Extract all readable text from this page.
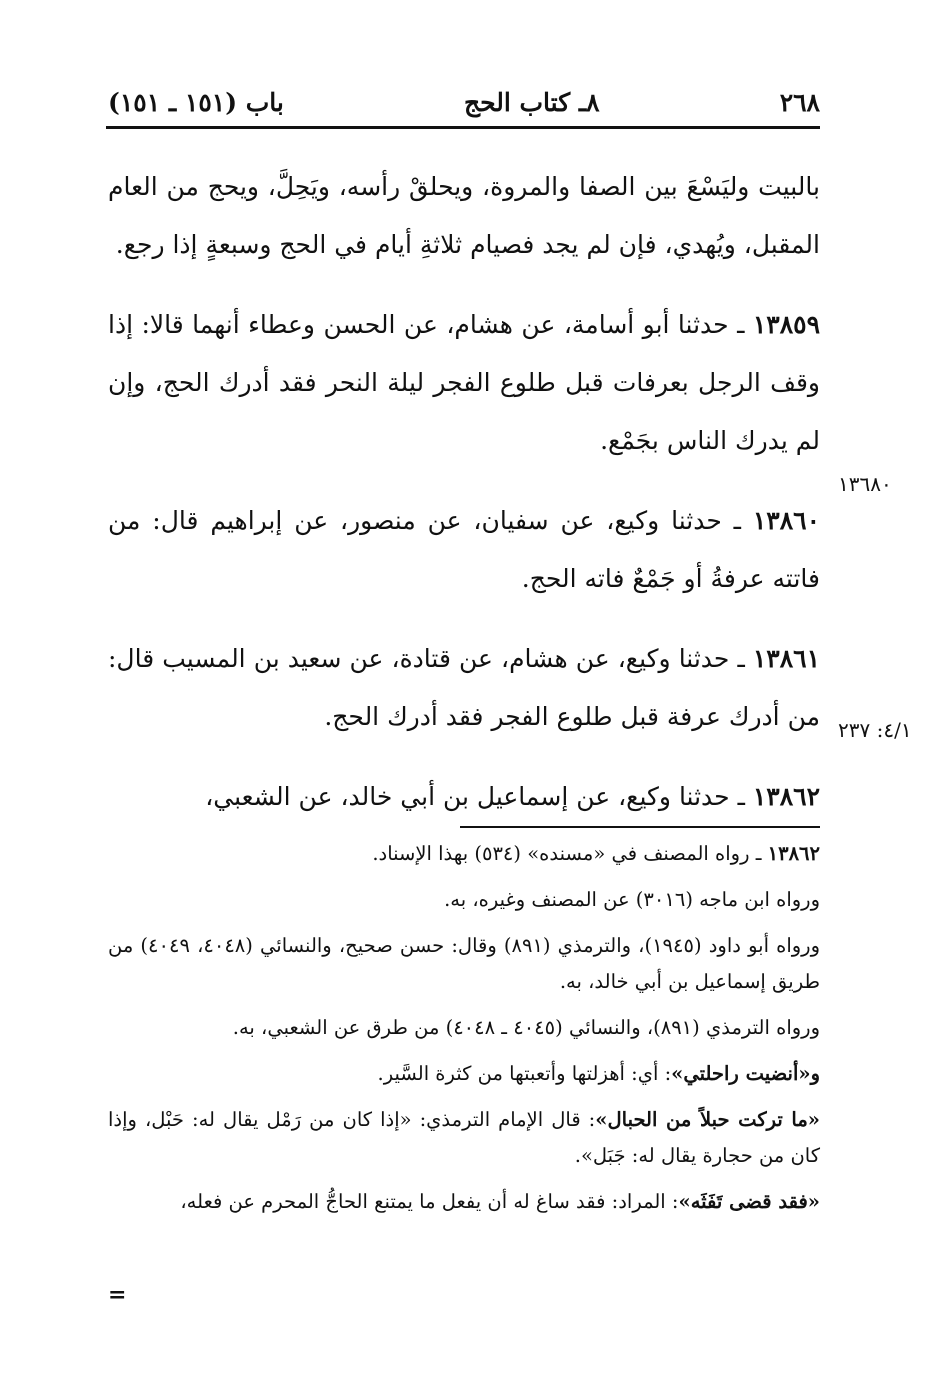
٢٦٨
٨ـ كتاب الحج
باب (١٥١ ـ ١٥١)

بالبيت وليَسْعَ بين الصفا والمروة، ويحلقْ رأسه، ويَحِلَّ، ويحج من العام المقبل، ويُهدي، فإن لم يجد فصيام ثلاثةِ أيام في الحج وسبعةٍ إذا رجع.

١٣٨٥٩ ـ حدثنا أبو أسامة، عن هشام، عن الحسن وعطاء أنهما قالا: إذا وقف الرجل بعرفات قبل طلوع الفجر ليلة النحر فقد أدرك الحج، وإن لم يدرك الناس بجَمْع.

١٣٨٦٠ ـ حدثنا وكيع، عن سفيان، عن منصور، عن إبراهيم قال: من فاتته عرفةُ أو جَمْعٌ فاته الحج.

١٣٨٦١ ـ حدثنا وكيع، عن هشام، عن قتادة، عن سعيد بن المسيب قال: من أدرك عرفة قبل طلوع الفجر فقد أدرك الحج.

١٣٨٦٢ ـ حدثنا وكيع، عن إسماعيل بن أبي خالد، عن الشعبي،

١٣٦٨٠
٤/١: ٢٣٧

١٣٨٦٢ ـ رواه المصنف في «مسنده» (٥٣٤) بهذا الإسناد.

ورواه ابن ماجه (٣٠١٦) عن المصنف وغيره، به.

ورواه أبو داود (١٩٤٥)، والترمذي (٨٩١) وقال: حسن صحيح، والنسائي (٤٠٤٨، ٤٠٤٩) من طريق إسماعيل بن أبي خالد، به.

ورواه الترمذي (٨٩١)، والنسائي (٤٠٤٥ ـ ٤٠٤٨) من طرق عن الشعبي، به.

و«أنضيت راحلتي»: أي: أهزلتها وأتعبتها من كثرة السَّير.

«ما تركت حبلاً من الحبال»: قال الإمام الترمذي: «إذا كان من رَمْل يقال له: حَبْل، وإذا كان من حجارة يقال له: جَبَل».

«فقد قضى تَفَثَه»: المراد: فقد ساغ له أن يفعل ما يمتنع الحاجُّ المحرم عن فعله،

=
